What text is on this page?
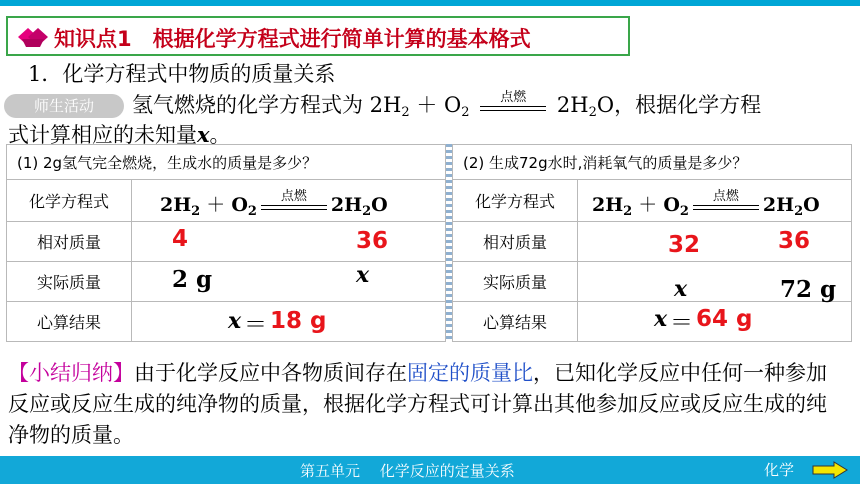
知识点1　根据化学方程式进行简单计算的基本格式
1．化学方程式中物质的质量关系
师生活动	氢气燃烧的化学方程式为 $2H_2 + O_2$
点燃	$2H_2O$，根据化学方程
式计算相应的未知量x。
(1) 2g氢气完全燃烧，生成水的质量是多少？	
化学方程式	$2H_2 + O_2$
点燃 $2H_2O$

相对质量	4 36

实际质量	2 g x

心算结果	x ＝ 18 g
(2) 生成72g水时,消耗氧气的质量是多少？	
化学方程式	$2H_2 + O_2$
点燃 $2H_2O$

相对质量	32 36

实际质量	x 72 g

心算结果	x ＝ 64 g
【小结归纳】由于化学反应中各物质间存在固定的质量比，已知化学反应中任何一种参加反应或反应生成的纯净物的质量，根据化学方程式可计算出其他参加反应或反应生成的纯净物的质量。
第五单元　 化学反应的定量关系	化学
